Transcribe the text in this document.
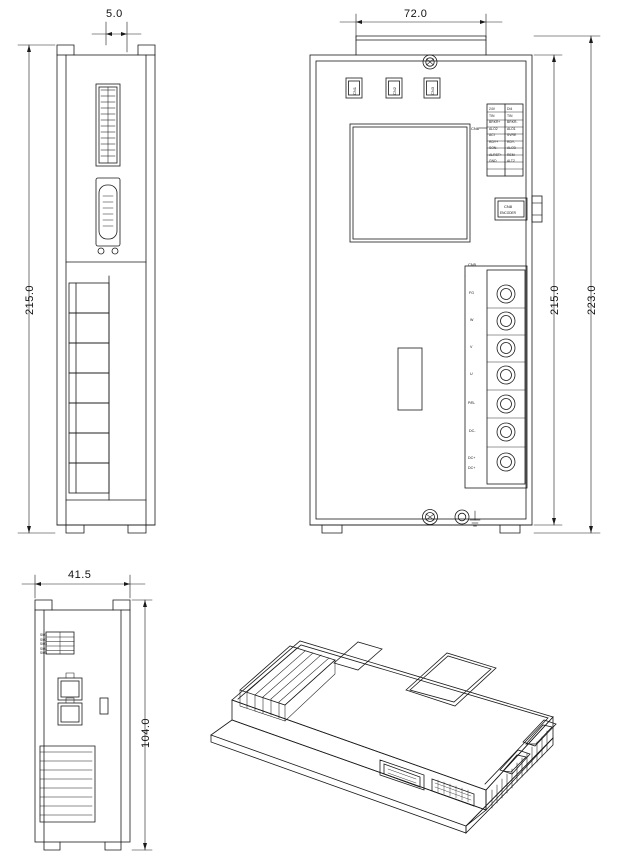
5.0
215.0
72.0
215.0 223.0
41.5
104.0
CN1	CN2	CN3
CN6
24V
TIN
BRKR+
ALO2
ACI
RDY+
SON-
ALRST+
GND
DI4
TIN
BRKR-
ALO1
SVRE
RDY-
ALO3
REM
ALT2
CN8
ENCODER
CN5
FG
W
V
U
P/B-
DC-
DC+
DC+
SW1
SW2
SW3
SW4
SW5
